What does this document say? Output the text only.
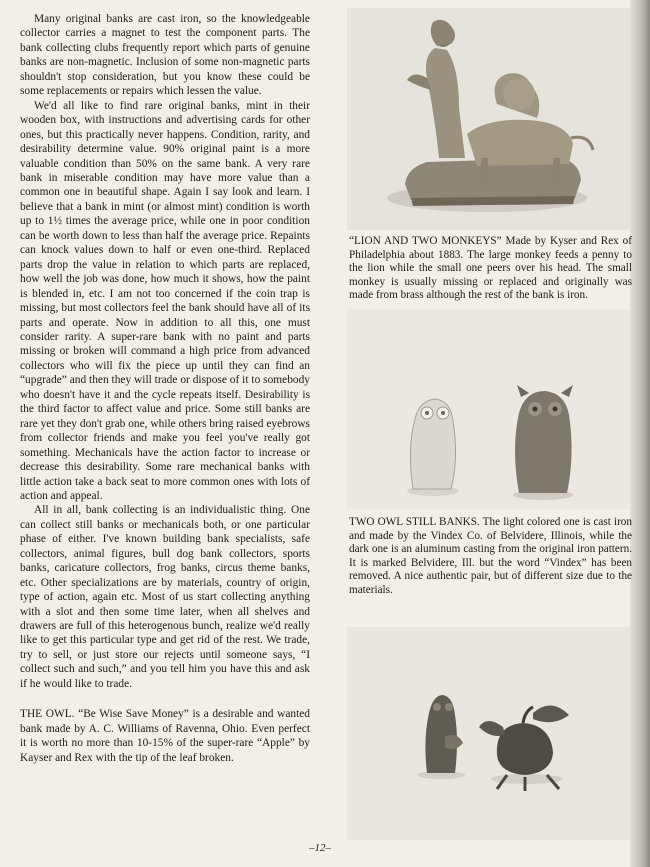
Many original banks are cast iron, so the knowledgeable collector carries a magnet to test the component parts. The bank collecting clubs frequently report which parts of genuine banks are non-magnetic. Inclusion of some non-magnetic parts shouldn't stop consideration, but you know these could be some replacements or repairs which lessen the value.

We'd all like to find rare original banks, mint in their wooden box, with instructions and advertising cards for other ones, but this practically never happens. Condition, rarity, and desirability determine value. 90% original paint is a more valuable condition than 50% on the same bank. A very rare bank in miserable condition may have more value than a common one in beautiful shape. Again I say look and learn. I believe that a bank in mint (or almost mint) condition is worth up to 1½ times the average price, while one in poor condition can be worth down to less than half the average price. Repaints can knock values down to half or even one-third. Replaced parts drop the value in relation to which parts are replaced, how well the job was done, how much it shows, how the paint is blended in, etc. I am not too concerned if the coin trap is missing, but most collectors feel the bank should have all of its parts and operate. Now in addition to all this, one must consider rarity. A super-rare bank with no paint and parts missing or broken will command a high price from advanced collectors who will fix the piece up until they can find an “upgrade” and then they will trade or dispose of it to somebody who doesn't have it and the cycle repeats itself. Desirability is the third factor to affect value and price. Some still banks are rare yet they don't grab one, while others bring raised eyebrows from collector friends and make you feel you've really got something. Mechanicals have the action factor to increase or decrease this desirability. Some rare mechanical banks with little action take a back seat to more common ones with lots of action and appeal.

All in all, bank collecting is an individualistic thing. One can collect still banks or mechanicals both, or one particular phase of either. I've known building bank specialists, safe collectors, animal figures, bull dog bank collectors, sports banks, caricature collectors, frog banks, circus theme banks, etc. Other specializations are by materials, country of origin, type of action, again etc. Most of us start collecting anything with a slot and then some time later, when all shelves and drawers are full of this heterogenous bunch, realize we'd really like to get this particular type and get rid of the rest. We trade, try to sell, or just store our rejects until someone says, “I collect such and such,” and you tell him you have this and ask if he would like to trade.

THE OWL. “Be Wise Save Money” is a desirable and wanted bank made by A. C. Williams of Ravenna, Ohio. Even perfect it is worth no more than 10-15% of the super-rare “Apple” by Kayser and Rex with the tip of the leaf broken.

“LION AND TWO MONKEYS” Made by Kyser and Rex of Philadelphia about 1883. The large monkey feeds a penny to the lion while the small one peers over his head. The small monkey is usually missing or replaced and originally was made from brass although the rest of the bank is iron.

TWO OWL STILL BANKS. The light colored one is cast iron and made by the Vindex Co. of Belvidere, Illinois, while the dark one is an aluminum casting from the original iron pattern. It is marked Belvidere, Ill. but the word “Vindex” has been removed. A nice authentic pair, but of different size due to the materials.

–12–
